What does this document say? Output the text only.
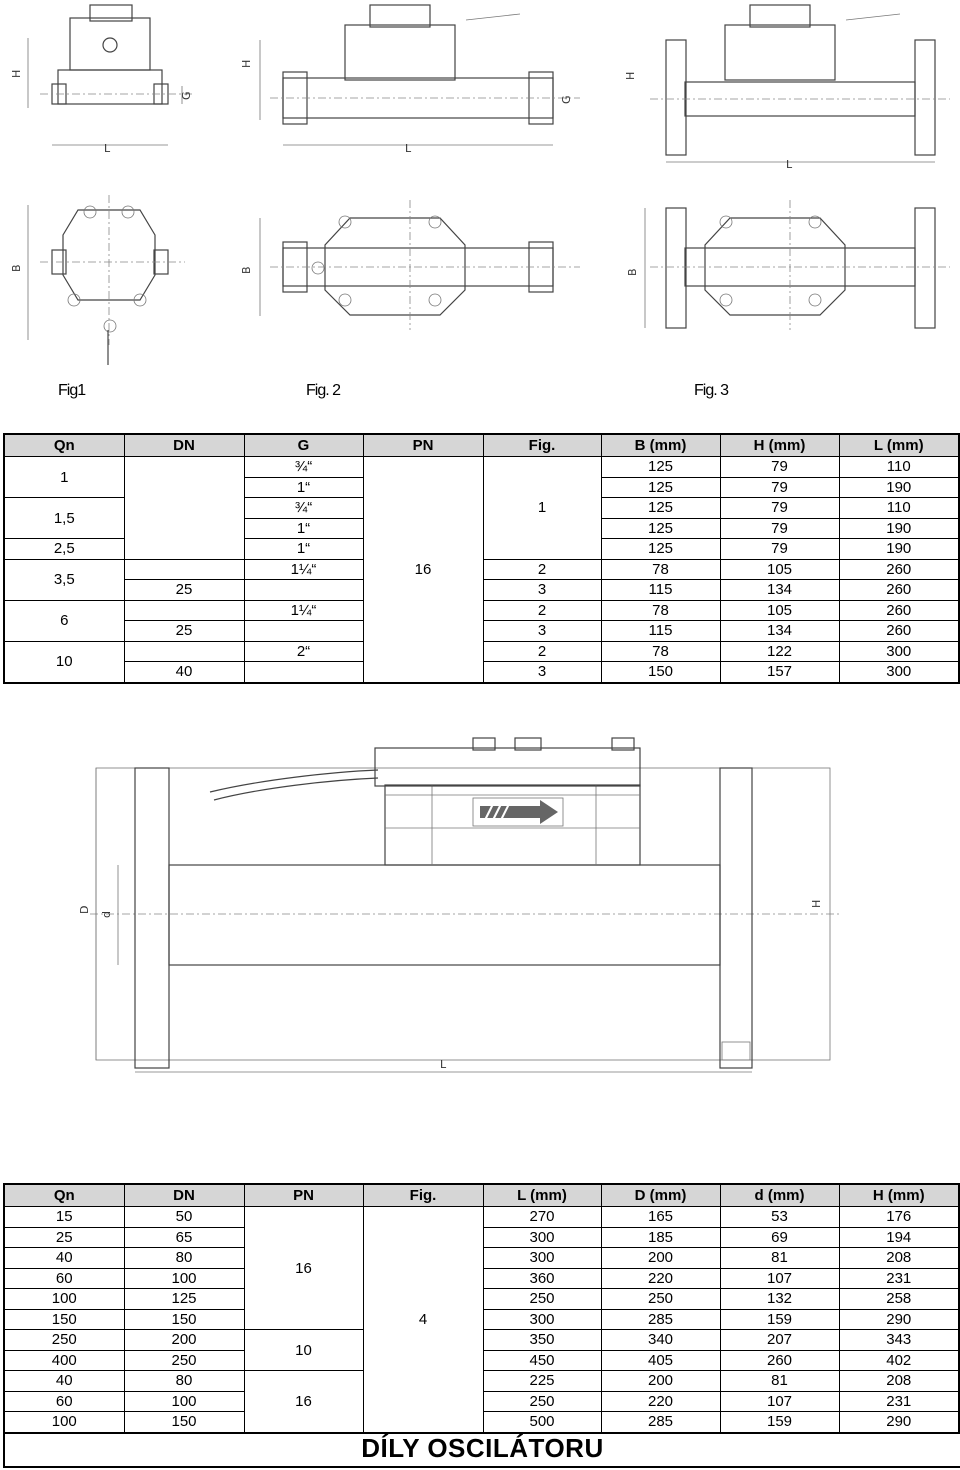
H
G
L
H
G
L
H
L
B	B	B
Fig1	Fig. 2	Fig. 3
Qn	DN	G	PN	Fig.	B (mm)	H (mm)	L (mm)
1		¾“	16	1	125	79	110
		1“			125	79	190
1,5		¾“			125	79	110
		1“			125	79	190
2,5		1“			125	79	190
3,5		1¼“		2	78	105	260
	25			3	115	134	260
6		1¼“		2	78	105	260
	25			3	115	134	260
10		2“		2	78	122	300
	40			3	150	157	300
D
d
H
L
Qn	DN	PN	Fig.	L (mm)	D (mm)	d (mm)	H (mm)
15	50	16	4	270	165	53	176
25	65			300	185	69	194
40	80			300	200	81	208
60	100			360	220	107	231
100	125			250	250	132	258
150	150			300	285	159	290
250	200	10		350	340	207	343
400	250			450	405	260	402
40	80	16		225	200	81	208
60	100			250	220	107	231
100	150			500	285	159	290
DÍLY OSCILÁTORU
